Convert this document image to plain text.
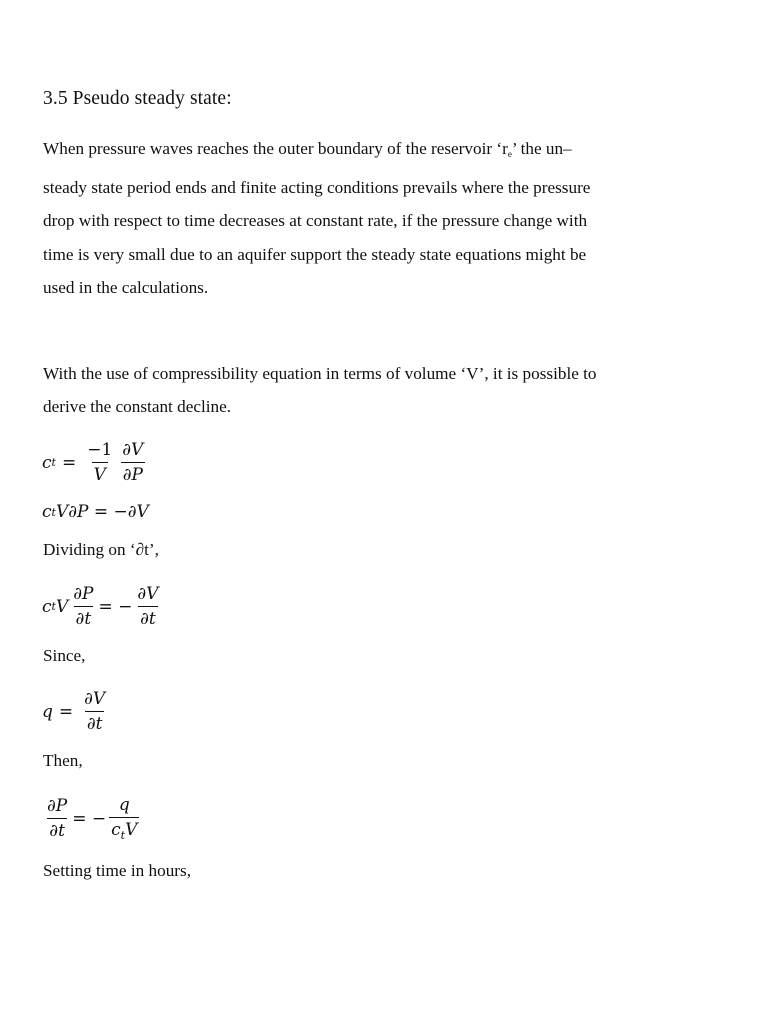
3.5 Pseudo steady state:
When pressure waves reaches the outer boundary of the reservoir ‘$r_e$’ the un–
steady state period ends and finite acting conditions prevails where the pressure
drop with respect to time decreases at constant rate, if the pressure change with
time is very small due to an aquifer support the steady state equations might be
used in the calculations.
With the use of compressibility equation in terms of volume ‘V’, it is possible to
derive the constant decline.
c $t = \frac{-1}{V} \frac{\partial V}{\partial P}$
c t V∂P = −∂V
Dividing on ‘∂t’,
c t V $\frac{\partial P}{\partial t}$ = − $\frac{\partial V}{\partial t}$
Since,
$q = \frac{\partial V}{\partial t}$
Then,
$\frac{\partial P}{\partial t}$ = − $\frac{q}{c_tV}$
Setting time in hours,
